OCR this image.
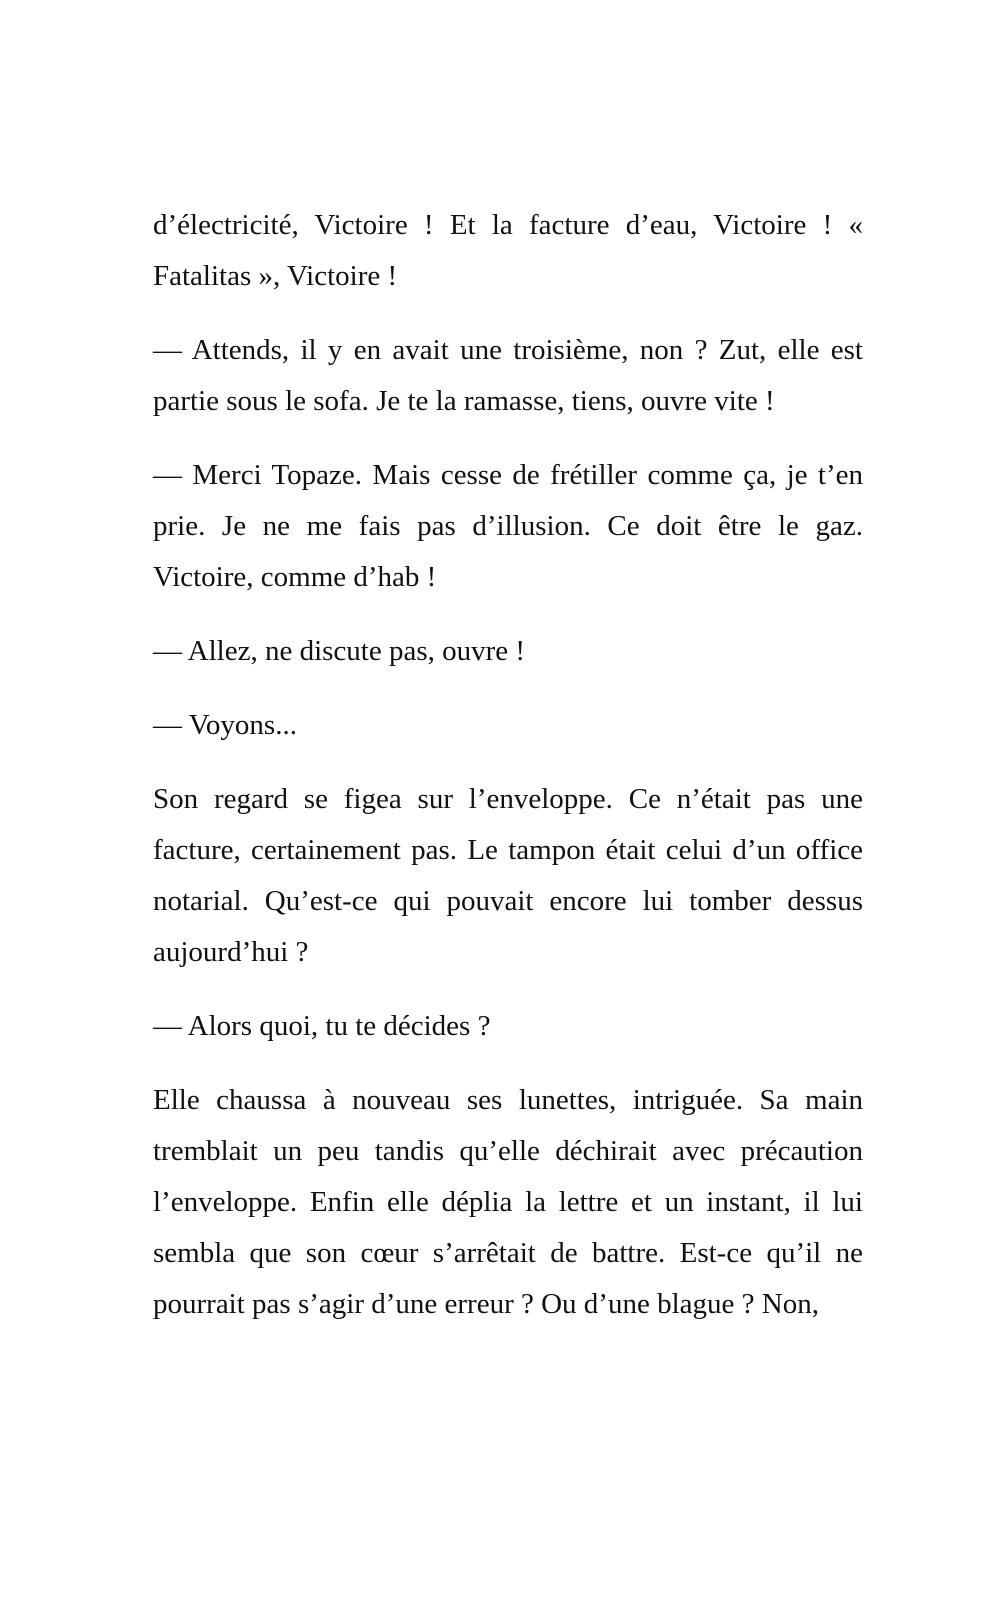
d’électricité, Victoire ! Et la facture d’eau, Victoire ! « Fatalitas », Victoire !

— Attends, il y en avait une troisième, non ? Zut, elle est partie sous le sofa. Je te la ramasse, tiens, ouvre vite !

— Merci Topaze. Mais cesse de frétiller comme ça, je t’en prie. Je ne me fais pas d’illusion. Ce doit être le gaz. Victoire, comme d’hab !

— Allez, ne discute pas, ouvre !

— Voyons...

Son regard se figea sur l’enveloppe. Ce n’était pas une facture, certainement pas. Le tampon était celui d’un office notarial. Qu’est-ce qui pouvait encore lui tomber dessus aujourd’hui ?

— Alors quoi, tu te décides ?

Elle chaussa à nouveau ses lunettes, intriguée. Sa main tremblait un peu tandis qu’elle déchirait avec précaution l’enveloppe. Enfin elle déplia la lettre et un instant, il lui sembla que son cœur s’arrêtait de battre. Est-ce qu’il ne pourrait pas s’agir d’une erreur ? Ou d’une blague ? Non,
